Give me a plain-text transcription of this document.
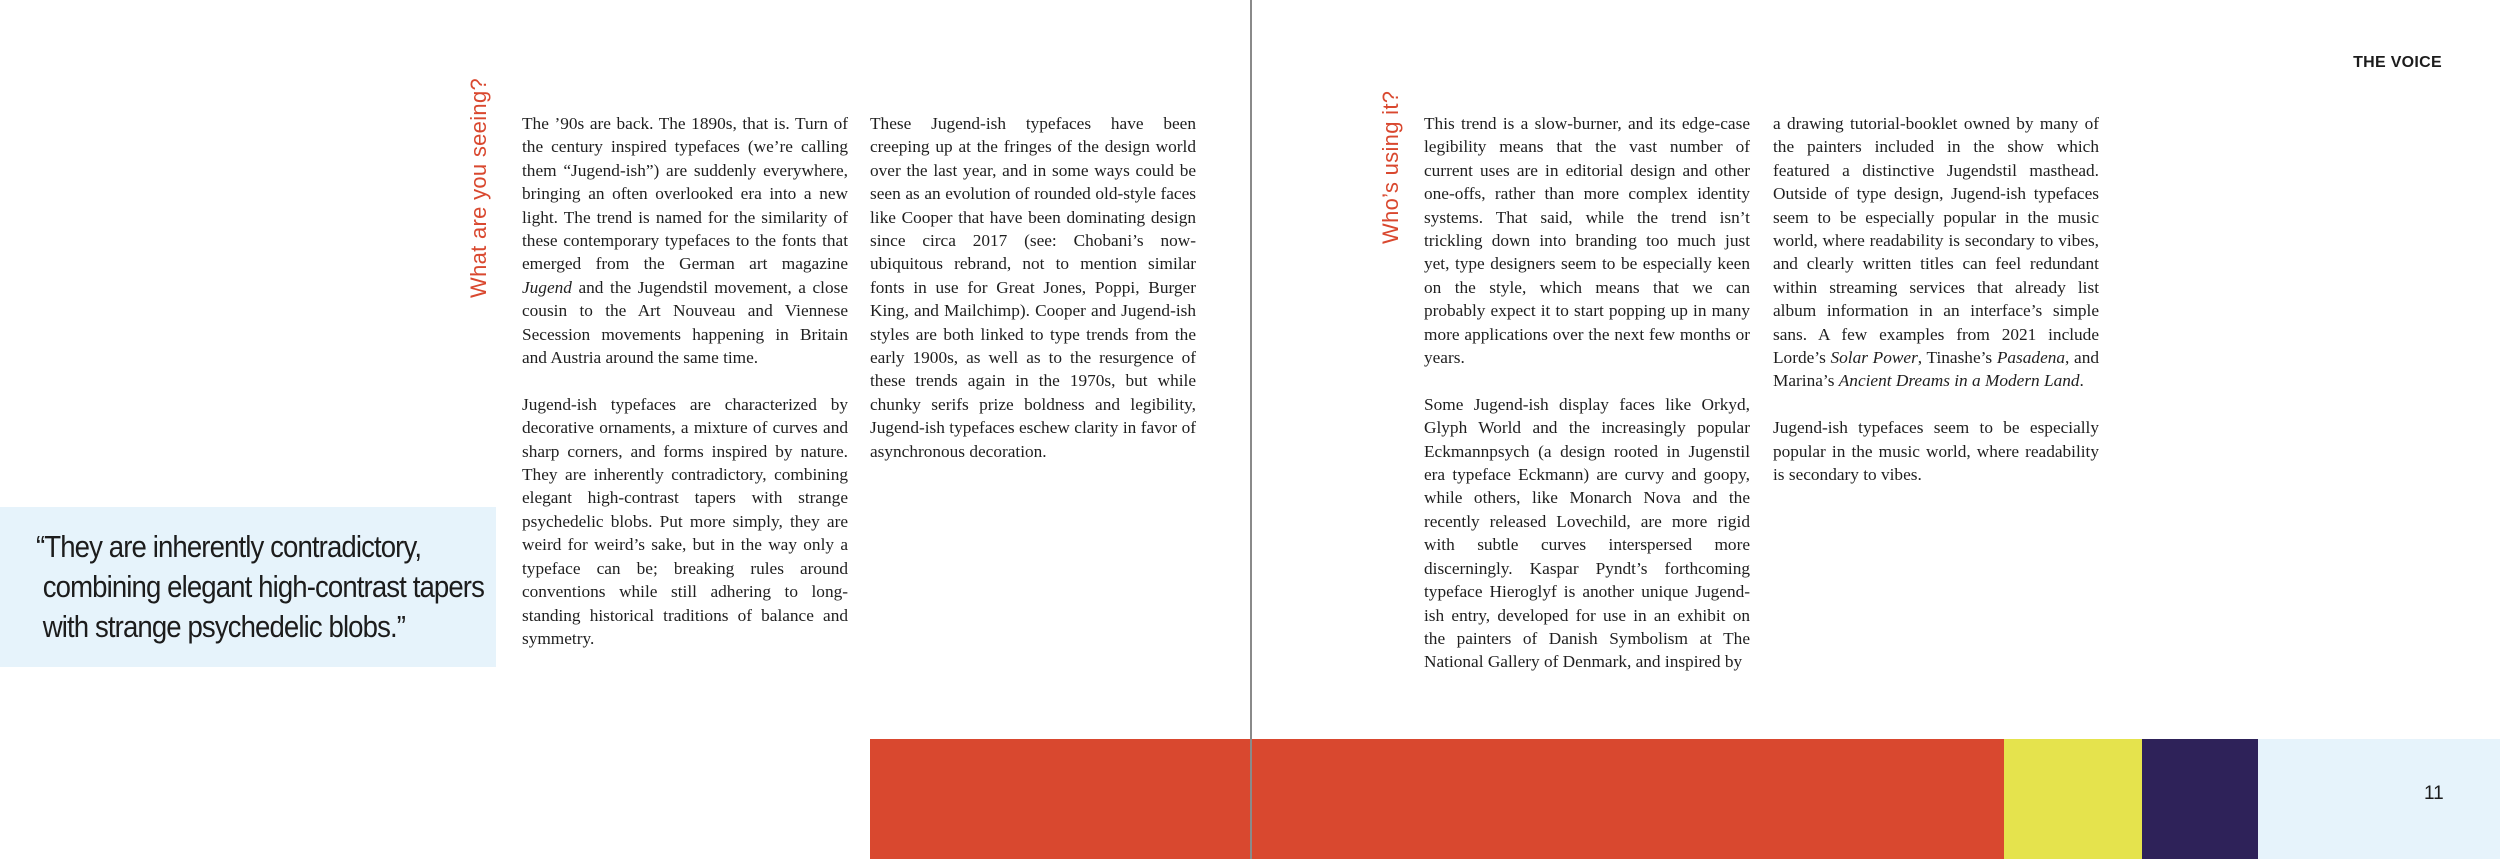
THE VOICE
11
What are you seeing? The ’90s are back. The 1890s, that is. Turn of the century inspired typefaces (we’re calling them “Jugend-ish”) are suddenly everywhere, bringing an often overlooked era into a new light. The trend is named for the similarity of these contemporary typefaces to the fonts that emerged from the German art magazine Jugend and the Jugendstil movement, a close cousin to the Art Nouveau and Viennese Secession movements happening in Britain and Austria around the same time.

Jugend-ish typefaces are characterized by decorative ornaments, a mixture of curves and sharp corners, and forms inspired by nature. They are inherently contradictory, combining elegant high-contrast tapers with strange psychedelic blobs. Put more simply, they are weird for weird’s sake, but in the way only a typeface can be; breaking rules around conventions while still adhering to long-standing historical traditions of balance and symmetry.

These Jugend-ish typefaces have been creeping up at the fringes of the design world over the last year, and in some ways could be seen as an evolution of rounded old-style faces like Cooper that have been dominating design since circa 2017 (see: Chobani’s now-ubiquitous rebrand, not to mention similar fonts in use for Great Jones, Poppi, Burger King, and Mailchimp). Cooper and Jugend-ish styles are both linked to type trends from the early 1900s, as well as to the resurgence of these trends again in the 1970s, but while chunky serifs prize boldness and legibility, Jugend-ish typefaces eschew clarity in favor of asynchronous decoration.

“They are inherently contradictory,
combining elegant high-contrast tapers
with strange psychedelic blobs.”
Who’s using it? This trend is a slow-burner, and its edge-case legibility means that the vast number of current uses are in editorial design and other one-offs, rather than more complex identity systems. That said, while the trend isn’t trickling down into branding too much just yet, type designers seem to be especially keen on the style, which means that we can probably expect it to start popping up in many more applications over the next few months or years.

Some Jugend-ish display faces like Orkyd, Glyph World and the increasingly popular Eckmannpsych (a design rooted in Jugenstil era typeface Eckmann) are curvy and goopy, while others, like Monarch Nova and the recently released Lovechild, are more rigid with subtle curves interspersed more discerningly. Kaspar Pyndt’s forthcoming typeface Hieroglyf is another unique Jugend-ish entry, developed for use in an exhibit on the painters of Danish Symbolism at The National Gallery of Denmark, and inspired by

a drawing tutorial-booklet owned by many of the painters included in the show which featured a distinctive Jugendstil masthead. Outside of type design, Jugend-ish typefaces seem to be especially popular in the music world, where readability is secondary to vibes, and clearly written titles can feel redundant within streaming services that already list album information in an interface’s simple sans. A few examples from 2021 include Lorde’s Solar Power, Tinashe’s Pasadena, and Marina’s Ancient Dreams in a Modern Land.

Jugend-ish typefaces seem to be especially popular in the music world, where readability is secondary to vibes.
